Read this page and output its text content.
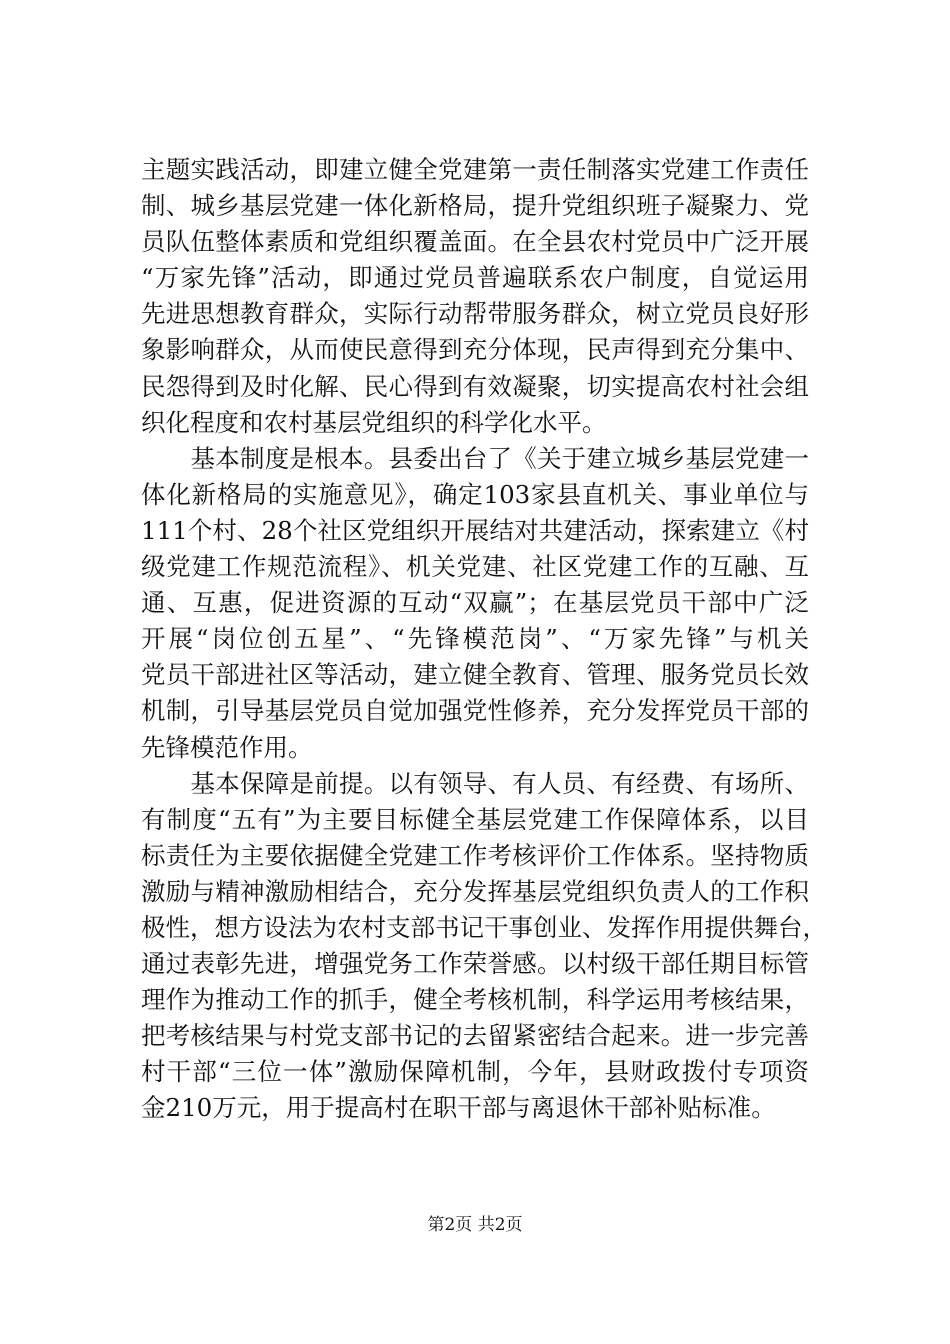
主题实践活动，即建立健全党建第一责任制落实党建工作责任
制、城乡基层党建一体化新格局，提升党组织班子凝聚力、党
员队伍整体素质和党组织覆盖面。在全县农村党员中广泛开展
“万家先锋”活动，即通过党员普遍联系农户制度，自觉运用
先进思想教育群众，实际行动帮带服务群众，树立党员良好形
象影响群众，从而使民意得到充分体现，民声得到充分集中、
民怨得到及时化解、民心得到有效凝聚，切实提高农村社会组
织化程度和农村基层党组织的科学化水平。
　　基本制度是根本。县委出台了《关于建立城乡基层党建一
体化新格局的实施意见》，确定103家县直机关、事业单位与
111个村、28个社区党组织开展结对共建活动，探索建立《村
级党建工作规范流程》、机关党建、社区党建工作的互融、互
通、互惠，促进资源的互动“双赢”；在基层党员干部中广泛
开展“岗位创五星”、“先锋模范岗”、“万家先锋”与机关
党员干部进社区等活动，建立健全教育、管理、服务党员长效
机制，引导基层党员自觉加强党性修养，充分发挥党员干部的
先锋模范作用。
　　基本保障是前提。以有领导、有人员、有经费、有场所、
有制度“五有”为主要目标健全基层党建工作保障体系，以目
标责任为主要依据健全党建工作考核评价工作体系。坚持物质
激励与精神激励相结合，充分发挥基层党组织负责人的工作积
极性，想方设法为农村支部书记干事创业、发挥作用提供舞台，
通过表彰先进，增强党务工作荣誉感。以村级干部任期目标管
理作为推动工作的抓手，健全考核机制，科学运用考核结果，
把考核结果与村党支部书记的去留紧密结合起来。进一步完善
村干部“三位一体”激励保障机制，今年，县财政拨付专项资
金210万元，用于提高村在职干部与离退休干部补贴标准。
第2页 共2页
